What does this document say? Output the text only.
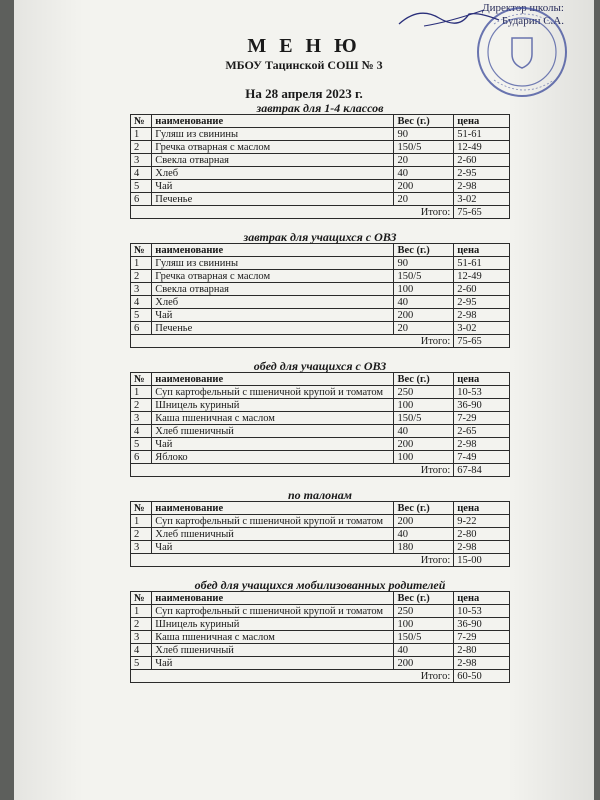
Директор школы:
Бударин С.А.
М Е Н Ю
МБОУ Тацинской СОШ № 3
На 28 апреля 2023 г.
завтрак для 1-4 классов			
№	наименование	Вес (г.)	цена
1	Гуляш из свинины	90	51-61
2	Гречка отварная с маслом	150/5	12-49
3	Свекла отварная	20	2-60
4	Хлеб	40	2-95
5	Чай	200	2-98
6	Печенье	20	3-02
Итого:			75-65

завтрак для учащихся с ОВЗ			
№	наименование	Вес (г.)	цена
1	Гуляш из свинины	90	51-61
2	Гречка отварная с маслом	150/5	12-49
3	Свекла отварная	100	2-60
4	Хлеб	40	2-95
5	Чай	200	2-98
6	Печенье	20	3-02
Итого:			75-65

обед для учащихся с ОВЗ			
№	наименование	Вес (г.)	цена
1	Суп картофельный с пшеничной крупой и томатом	250	10-53
2	Шницель куриный	100	36-90
3	Каша пшеничная с маслом	150/5	7-29
4	Хлеб пшеничный	40	2-65
5	Чай	200	2-98
6	Яблоко	100	7-49
Итого:			67-84

по талонам			
№	наименование	Вес (г.)	цена
1	Суп картофельный с пшеничной крупой и томатом	200	9-22
2	Хлеб пшеничный	40	2-80
3	Чай	180	2-98
Итого:			15-00

обед для учащихся мобилизованных родителей			
№	наименование	Вес (г.)	цена
1	Суп картофельный с пшеничной крупой и томатом	250	10-53
2	Шницель куриный	100	36-90
3	Каша пшеничная с маслом	150/5	7-29
4	Хлеб пшеничный	40	2-80
5	Чай	200	2-98
Итого:			60-50
